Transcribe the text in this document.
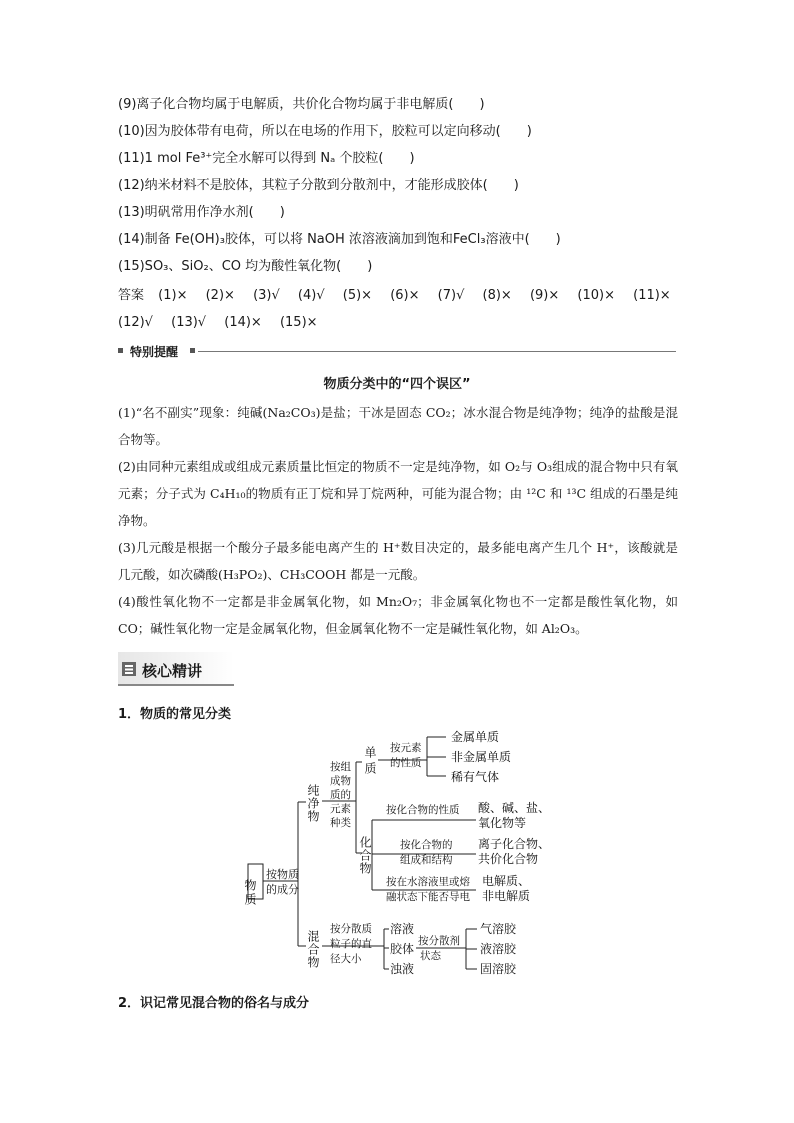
(9)离子化合物均属于电解质，共价化合物均属于非电解质(　　)
(10)因为胶体带有电荷，所以在电场的作用下，胶粒可以定向移动(　　)
(11)1 mol Fe³⁺完全水解可以得到 Nₐ 个胶粒(　　)
(12)纳米材料不是胶体，其粒子分散到分散剂中，才能形成胶体(　　)
(13)明矾常用作净水剂(　　)
(14)制备 Fe(OH)₃胶体，可以将 NaOH 浓溶液滴加到饱和FeCl₃溶液中(　　)
(15)SO₃、SiO₂、CO 均为酸性氧化物(　　)
答案 (1)× (2)× (3)√ (4)√ (5)× (6)× (7)√ (8)× (9)× (10)× (11)×
(12)√ (13)√ (14)× (15)×
特别提醒
物质分类中的“四个误区”
(1)“名不副实”现象：纯碱(Na₂CO₃)是盐；干冰是固态 CO₂；冰水混合物是纯净物；纯净的盐酸是混合物等。
(2)由同种元素组成或组成元素质量比恒定的物质不一定是纯净物，如 O₂与 O₃组成的混合物中只有氧元素；分子式为 C₄H₁₀的物质有正丁烷和异丁烷两种，可能为混合物；由 ¹²C 和 ¹³C 组成的石墨是纯净物。
(3)几元酸是根据一个酸分子最多能电离产生的 H⁺数目决定的，最多能电离产生几个 H⁺，该酸就是几元酸，如次磷酸(H₃PO₂)、CH₃COOH 都是一元酸。
(4)酸性氧化物不一定都是非金属氧化物，如 Mn₂O₇；非金属氧化物也不一定都是酸性氧化物，如 CO；碱性氧化物一定是金属氧化物，但金属氧化物不一定是碱性氧化物，如 Al₂O₃。
核心精讲
1．物质的常见分类
物质
按物质
的成分
纯净物
按组
成物
质的
元素
种类
单质 按元素
的性质
金属单质
非金属单质
稀有气体
化合物
按化合物的性质 酸、碱、盐、
氧化物等
按化合物的
组成和结构
离子化合物、
共价化合物
按在水溶液里或熔
融状态下能否导电
电解质、
非电解质
混合物
按分散质
粒子的直
径大小
溶液
胶体
浊液
按分散剂
状态
气溶胶
液溶胶
固溶胶
2．识记常见混合物的俗名与成分
